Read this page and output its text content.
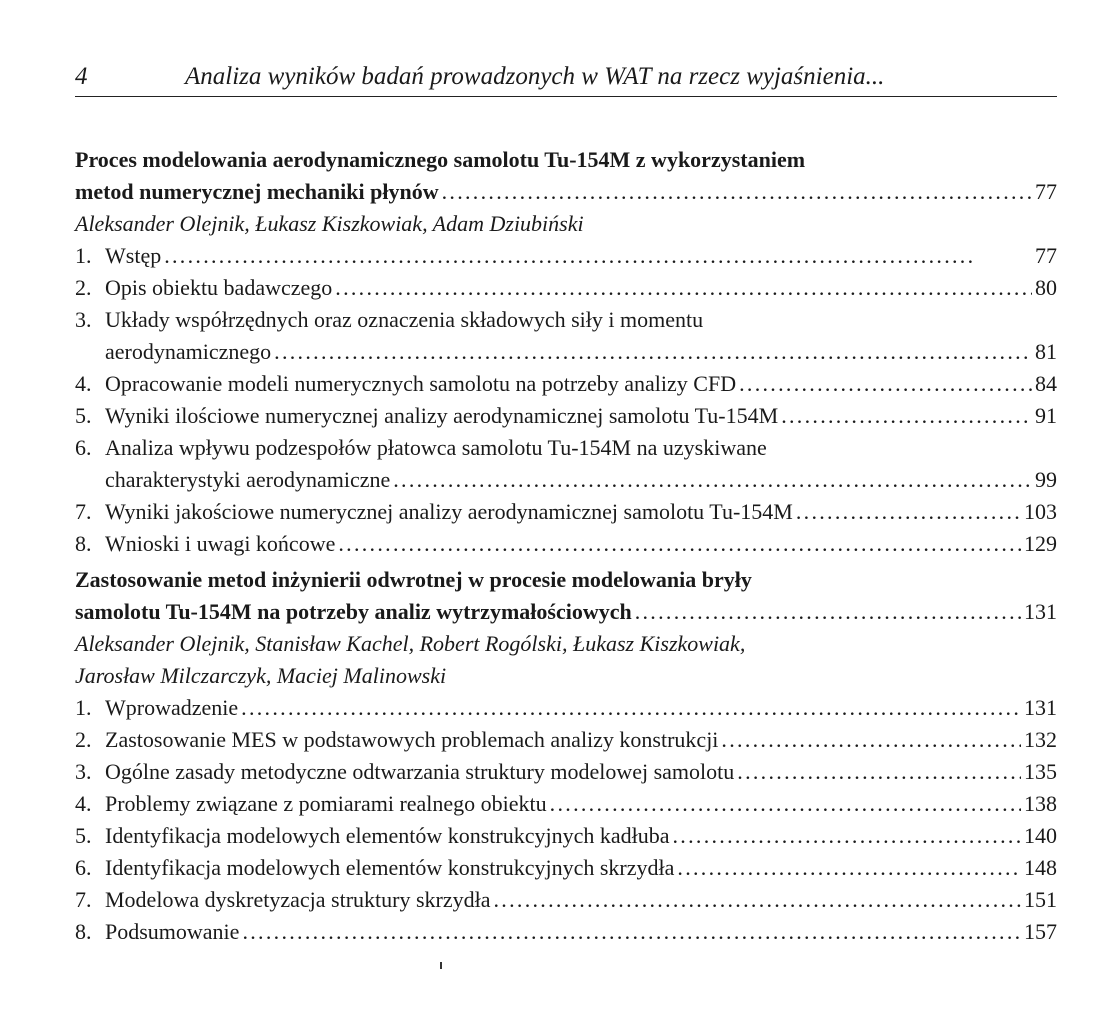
4	Analiza wyników badań prowadzonych w WAT na rzecz wyjaśnienia...
Proces modelowania aerodynamicznego samolotu Tu-154M z wykorzystaniem
metod numerycznej mechaniki płynów . . .	77
Aleksander Olejnik, Łukasz Kiszkowiak, Adam Dziubiński
1. Wstęp . . .	77
2. Opis obiektu badawczego . . .	80
3. Układy współrzędnych oraz oznaczenia składowych siły i momentu
aerodynamicznego . . .	81
4. Opracowanie modeli numerycznych samolotu na potrzeby analizy CFD . . .	84
5. Wyniki ilościowe numerycznej analizy aerodynamicznej samolotu Tu-154M . . .	91
6. Analiza wpływu podzespołów płatowca samolotu Tu-154M na uzyskiwane
charakterystyki aerodynamiczne . . .	99
7. Wyniki jakościowe numerycznej analizy aerodynamicznej samolotu Tu-154M . . .	103
8. Wnioski i uwagi końcowe . . .	129
Zastosowanie metod inżynierii odwrotnej w procesie modelowania bryły
samolotu Tu-154M na potrzeby analiz wytrzymałościowych . . .	131
Aleksander Olejnik, Stanisław Kachel, Robert Rogólski, Łukasz Kiszkowiak,
Jarosław Milczarczyk, Maciej Malinowski
1. Wprowadzenie . . .	131
2. Zastosowanie MES w podstawowych problemach analizy konstrukcji . . .	132
3. Ogólne zasady metodyczne odtwarzania struktury modelowej samolotu . . .	135
4. Problemy związane z pomiarami realnego obiektu . . .	138
5. Identyfikacja modelowych elementów konstrukcyjnych kadłuba . . .	140
6. Identyfikacja modelowych elementów konstrukcyjnych skrzydła . . .	148
7. Modelowa dyskretyzacja struktury skrzydła . . .	151
8. Podsumowanie . . .	157
